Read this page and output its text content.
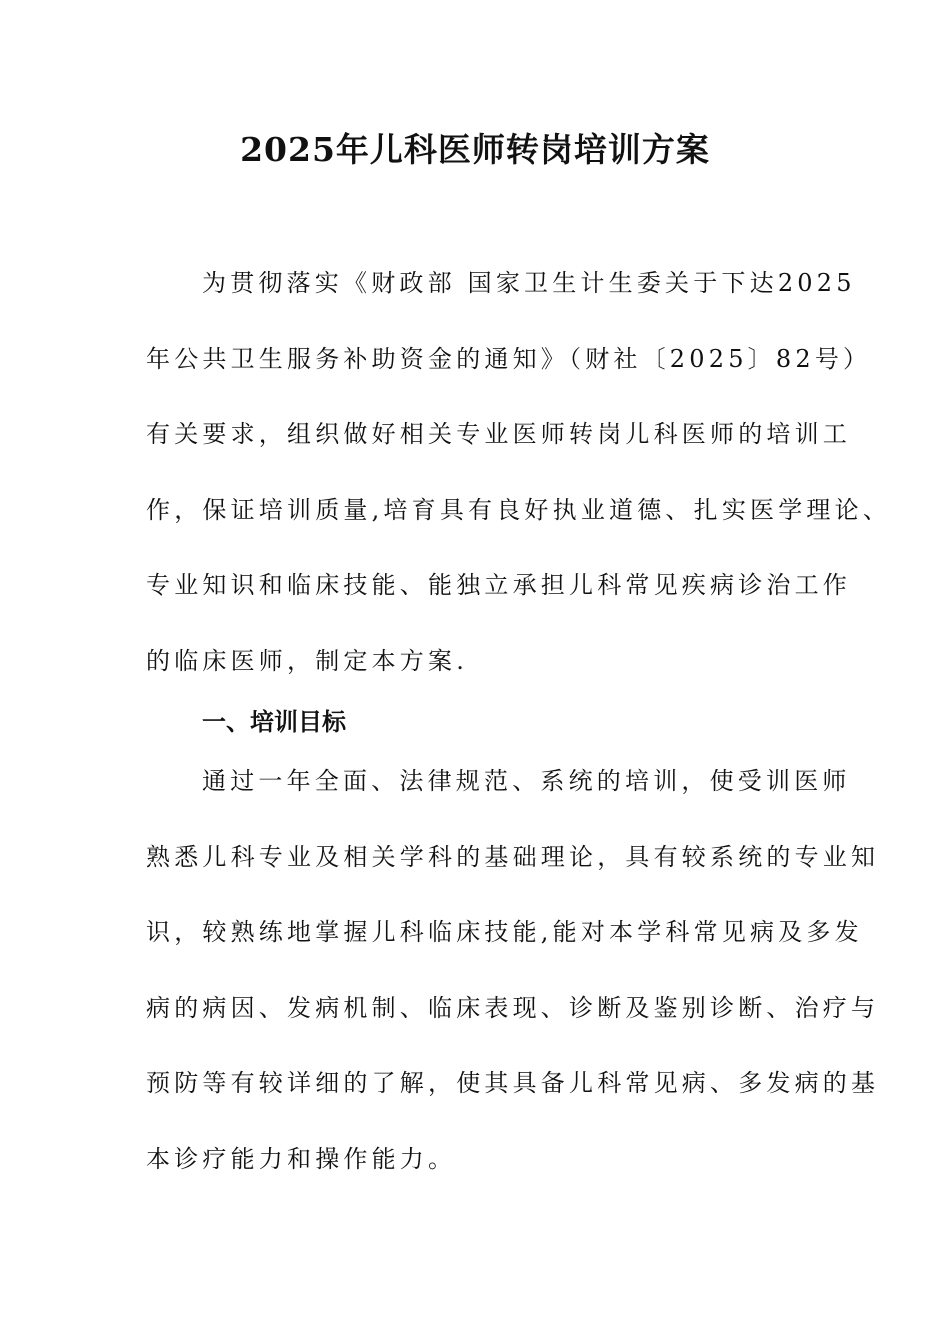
2025年儿科医师转岗培训方案
为贯彻落实《财政部 国家卫生计生委关于下达2025
年公共卫生服务补助资金的通知》（财社〔2025〕82号）
有关要求，组织做好相关专业医师转岗儿科医师的培训工
作，保证培训质量,培育具有良好执业道德、扎实医学理论、
专业知识和临床技能、能独立承担儿科常见疾病诊治工作
的临床医师，制定本方案.
一、培训目标
通过一年全面、法律规范、系统的培训，使受训医师
熟悉儿科专业及相关学科的基础理论，具有较系统的专业知
识，较熟练地掌握儿科临床技能,能对本学科常见病及多发
病的病因、发病机制、临床表现、诊断及鉴别诊断、治疗与
预防等有较详细的了解，使其具备儿科常见病、多发病的基
本诊疗能力和操作能力。
